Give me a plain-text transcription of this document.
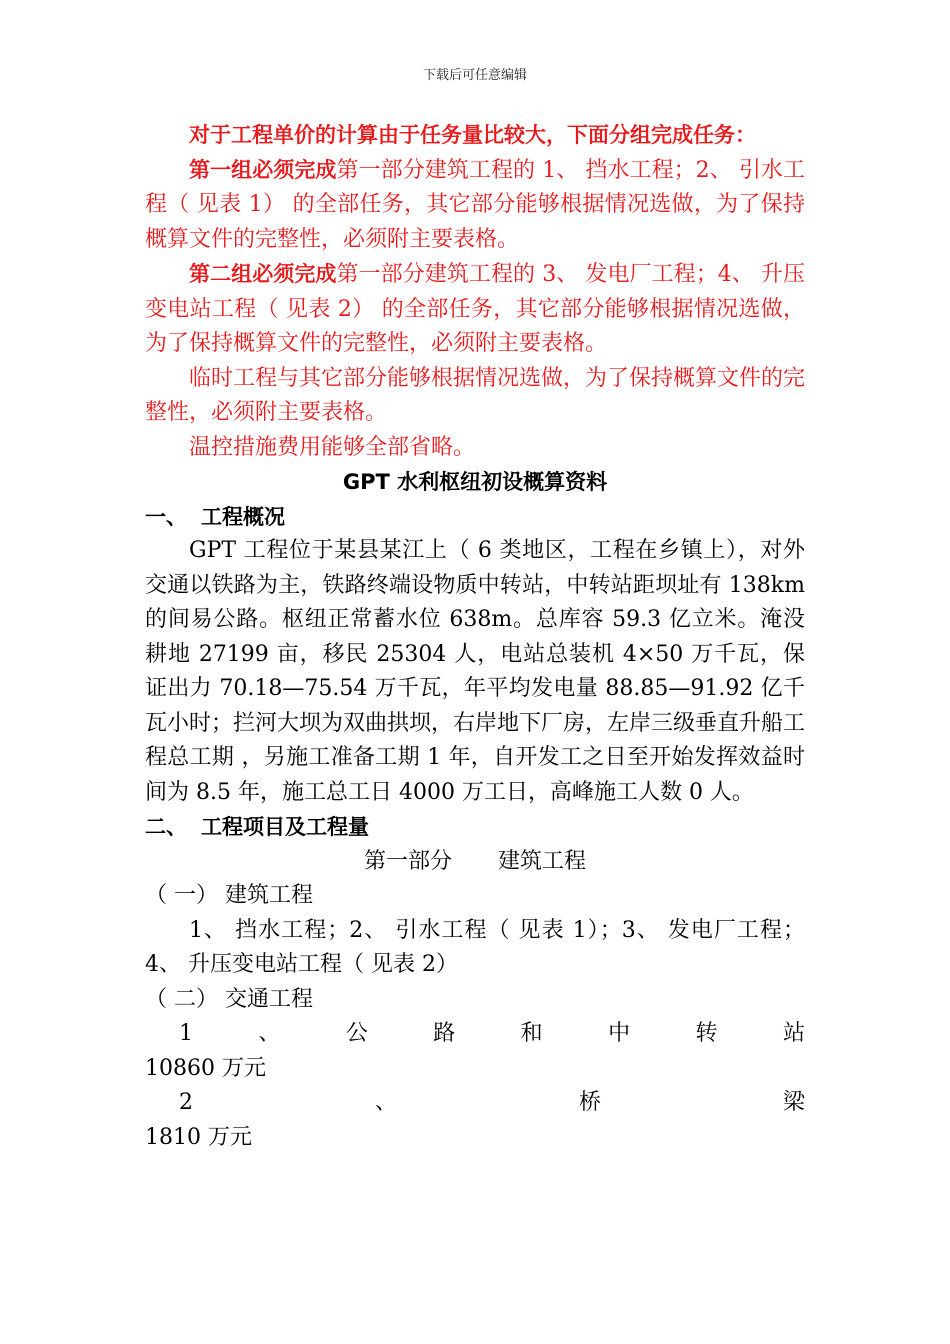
下载后可任意编辑

对于工程单价的计算由于任务量比较大，下面分组完成任务：

第一组必须完成第一部分建筑工程的 1、 挡水工程；2、 引水工程（ 见表 1） 的全部任务，其它部分能够根据情况选做，为了保持概算文件的完整性，必须附主要表格。

第二组必须完成第一部分建筑工程的 3、 发电厂工程；4、 升压变电站工程（ 见表 2） 的全部任务，其它部分能够根据情况选做，为了保持概算文件的完整性，必须附主要表格。

临时工程与其它部分能够根据情况选做，为了保持概算文件的完整性，必须附主要表格。

温控措施费用能够全部省略。

GPT 水利枢纽初设概算资料

一、 工程概况

GPT 工程位于某县某江上（ 6 类地区，工程在乡镇上），对外交通以铁路为主，铁路终端设物质中转站，中转站距坝址有 138km 的间易公路。枢纽正常蓄水位 638m。总库容 59.3 亿立米。淹没耕地 27199 亩，移民 25304 人，电站总装机 4×50 万千瓦，保证出力 70.18—75.54 万千瓦，年平均发电量 88.85—91.92 亿千瓦小时；拦河大坝为双曲拱坝，右岸地下厂房，左岸三级垂直升船工程总工期 ，另施工准备工期 1 年，自开发工之日至开始发挥效益时间为 8.5 年，施工总工日 4000 万工日，高峰施工人数 0 人。

二、 工程项目及工程量

第一部分 建筑工程

（ 一） 建筑工程

1、 挡水工程；2、 引水工程（ 见表 1）；3、 发电厂工程；4、 升压变电站工程（ 见表 2）

（ 二） 交通工程

1	、	公	路	和	中	转	站

10860 万元

2	、	桥	梁

1810 万元
